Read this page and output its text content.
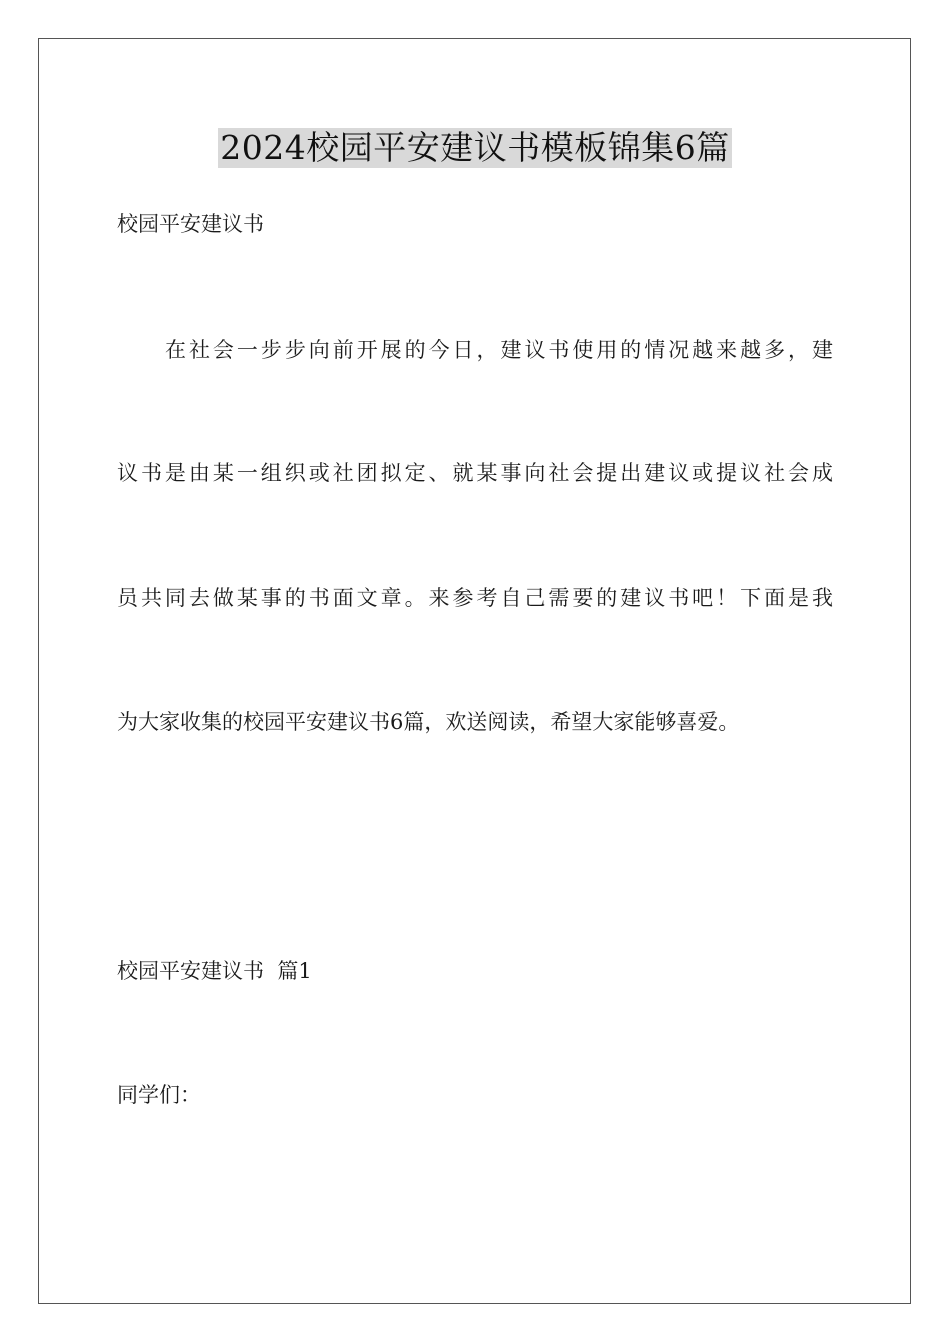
2024校园平安建议书模板锦集6篇
校园平安建议书
在社会一步步向前开展的今日，建议书使用的情况越来越多，建
议书是由某一组织或社团拟定、就某事向社会提出建议或提议社会成
员共同去做某事的书面文章。来参考自己需要的建议书吧！下面是我
为大家收集的校园平安建议书6篇，欢送阅读，希望大家能够喜爱。
校园平安建议书  篇1
同学们：
